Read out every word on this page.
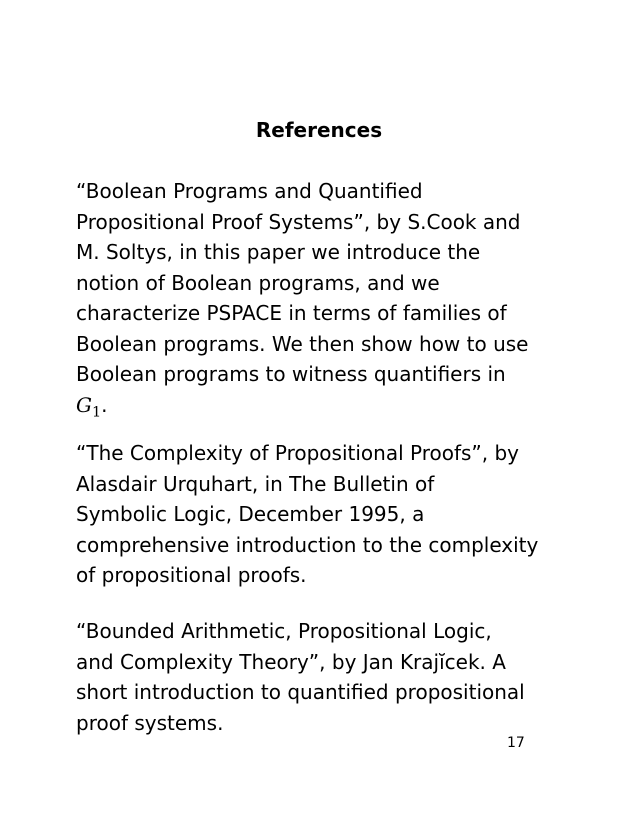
References
“Boolean Programs and Quantified
Propositional Proof Systems”, by S.Cook and
M. Soltys, in this paper we introduce the
notion of Boolean programs, and we
characterize PSPACE in terms of families of
Boolean programs. We then show how to use
Boolean programs to witness quantifiers in
$G_1$.
“The Complexity of Propositional Proofs”, by
Alasdair Urquhart, in The Bulletin of
Symbolic Logic, December 1995, a
comprehensive introduction to the complexity
of propositional proofs.
“Bounded Arithmetic, Propositional Logic,
and Complexity Theory”, by Jan Krajĭcek. A
short introduction to quantified propositional
proof systems.
17
